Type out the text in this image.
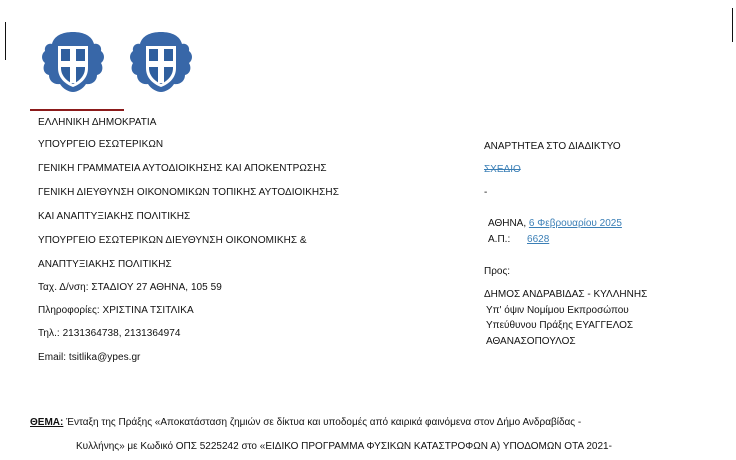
ΕΛΛΗΝΙΚΗ ΔΗΜΟΚΡΑΤΙΑ
ΥΠΟΥΡΓΕΙΟ ΕΣΩΤΕΡΙΚΩΝ
ΓΕΝΙΚΗ ΓΡΑΜΜΑΤΕΙΑ ΑΥΤΟΔΙΟΙΚΗΣΗΣ ΚΑΙ ΑΠΟΚΕΝΤΡΩΣΗΣ
ΓΕΝΙΚΗ ΔΙΕΥΘΥΝΣΗ ΟΙΚΟΝΟΜΙΚΩΝ ΤΟΠΙΚΗΣ ΑΥΤΟΔΙΟΙΚΗΣΗΣ
ΚΑΙ ΑΝΑΠΤΥΞΙΑΚΗΣ ΠΟΛΙΤΙΚΗΣ
ΥΠΟΥΡΓΕΙΟ ΕΣΩΤΕΡΙΚΩΝ ΔΙΕΥΘΥΝΣΗ ΟΙΚΟΝΟΜΙΚΗΣ &
ΑΝΑΠΤΥΞΙΑΚΗΣ ΠΟΛΙΤΙΚΗΣ
Ταχ. Δ/νση: ΣΤΑΔΙΟΥ 27 ΑΘΗΝΑ, 105 59
Πληροφορίες: ΧΡΙΣΤΙΝΑ ΤΣΙΤΛΙΚΑ
Τηλ.: 2131364738, 2131364974
Email: tsitlika@ypes.gr
ΑΝΑΡΤΗΤΕΑ ΣΤΟ ΔΙΑΔΙΚΤΥΟ
ΣΧΕΔΙΟ
-
ΑΘΗΝΑ, 6 Φεβρουαρίου 2025
Α.Π.: 6628
Προς:
ΔΗΜΟΣ ΑΝΔΡΑΒΙΔΑΣ - ΚΥΛΛΗΝΗΣ
Υπ' όψιν Νομίμου Εκπροσώπου
Υπεύθυνου Πράξης ΕΥΑΓΓΕΛΟΣ
ΑΘΑΝΑΣΟΠΟΥΛΟΣ
ΘΕΜΑ: Ένταξη της Πράξης «Αποκατάσταση ζημιών σε δίκτυα και υποδομές από καιρικά φαινόμενα στον Δήμο Ανδραβίδας -
Κυλλήνης» με Κωδικό ΟΠΣ 5225242 στο «ΕΙΔΙΚΟ ΠΡΟΓΡΑΜΜΑ ΦΥΣΙΚΩΝ ΚΑΤΑΣΤΡΟΦΩΝ Α) ΥΠΟΔΟΜΩΝ ΟΤΑ 2021-
